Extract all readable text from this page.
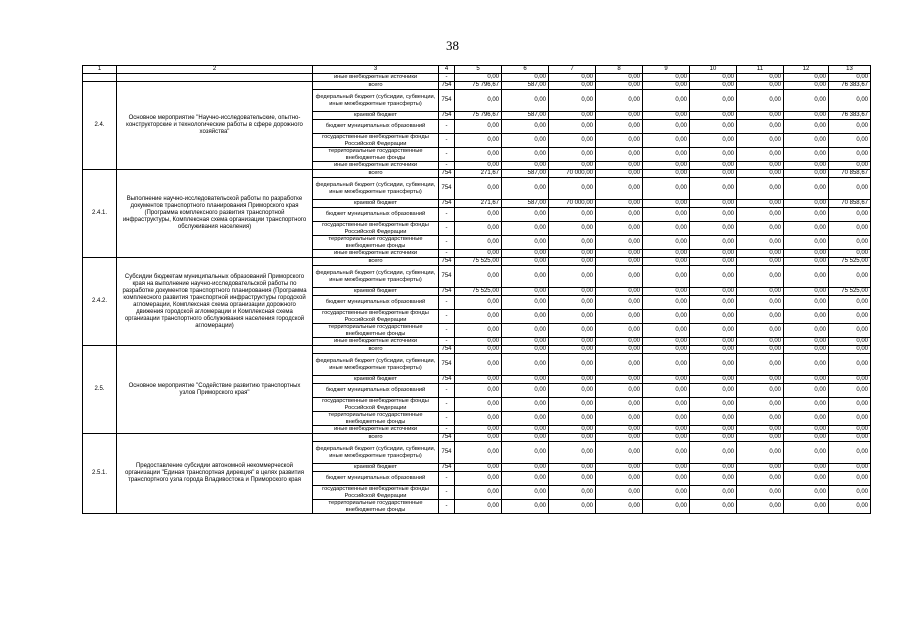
38
1	2	3	4	5	6	7	8	9	10	11	12	13
		иные внебюджетные источники	-	0,00	0,00	0,00	0,00	0,00	0,00	0,00	0,00	0,00
2.4.	Основное мероприятие "Научно-исследовательские, опытно-конструкторские и технологические работы в сфере дорожного хозяйства"	всего	754	75 796,67	587,00	0,00	0,00	0,00	0,00	0,00	0,00	76 383,67
		федеральный бюджет (субсидии, субвенции, иные межбюджетные трансферты)	754	0,00	0,00	0,00	0,00	0,00	0,00	0,00	0,00	0,00
		краевой бюджет	754	75 796,67	587,00	0,00	0,00	0,00	0,00	0,00	0,00	76 383,67
		бюджет муниципальных образований	-	0,00	0,00	0,00	0,00	0,00	0,00	0,00	0,00	0,00
		государственные внебюджетные фонды Российской Федерации	-	0,00	0,00	0,00	0,00	0,00	0,00	0,00	0,00	0,00
		территориальные государственные внебюджетные фонды	-	0,00	0,00	0,00	0,00	0,00	0,00	0,00	0,00	0,00
		иные внебюджетные источники	-	0,00	0,00	0,00	0,00	0,00	0,00	0,00	0,00	0,00
2.4.1.	Выполнение научно-исследовательской работы по разработке документов транспортного планирования Приморского края (Программа комплексного развития транспортной инфраструктуры, Комплексная схема организации транспортного обслуживания населения)	всего	754	271,67	587,00	70 000,00	0,00	0,00	0,00	0,00	0,00	70 858,67
		федеральный бюджет (субсидии, субвенции, иные межбюджетные трансферты)	754	0,00	0,00	0,00	0,00	0,00	0,00	0,00	0,00	0,00
		краевой бюджет	754	271,67	587,00	70 000,00	0,00	0,00	0,00	0,00	0,00	70 858,67
		бюджет муниципальных образований	-	0,00	0,00	0,00	0,00	0,00	0,00	0,00	0,00	0,00
		государственные внебюджетные фонды Российской Федерации	-	0,00	0,00	0,00	0,00	0,00	0,00	0,00	0,00	0,00
		территориальные государственные внебюджетные фонды	-	0,00	0,00	0,00	0,00	0,00	0,00	0,00	0,00	0,00
		иные внебюджетные источники	-	0,00	0,00	0,00	0,00	0,00	0,00	0,00	0,00	0,00
2.4.2.	Субсидии бюджетам муниципальных образований Приморского края на выполнение научно-исследовательской работы по разработке документов транспортного планирования (Программа комплексного развития транспортной инфраструктуры городской агломерации, Комплексная схема организации дорожного движения городской агломерации и Комплексная схема организации транспортного обслуживания населения городской агломерации)	всего	754	75 525,00	0,00	0,00	0,00	0,00	0,00	0,00	0,00	75 525,00
		федеральный бюджет (субсидии, субвенции, иные межбюджетные трансферты)	754	0,00	0,00	0,00	0,00	0,00	0,00	0,00	0,00	0,00
		краевой бюджет	754	75 525,00	0,00	0,00	0,00	0,00	0,00	0,00	0,00	75 525,00
		бюджет муниципальных образований	-	0,00	0,00	0,00	0,00	0,00	0,00	0,00	0,00	0,00
		государственные внебюджетные фонды Российской Федерации	-	0,00	0,00	0,00	0,00	0,00	0,00	0,00	0,00	0,00
		территориальные государственные внебюджетные фонды	-	0,00	0,00	0,00	0,00	0,00	0,00	0,00	0,00	0,00
		иные внебюджетные источники	-	0,00	0,00	0,00	0,00	0,00	0,00	0,00	0,00	0,00
2.5.	Основное мероприятие "Содействие развитию транспортных узлов Приморского края"	всего	754	0,00	0,00	0,00	0,00	0,00	0,00	0,00	0,00	0,00
		федеральный бюджет (субсидии, субвенции, иные межбюджетные трансферты)	754	0,00	0,00	0,00	0,00	0,00	0,00	0,00	0,00	0,00
		краевой бюджет	754	0,00	0,00	0,00	0,00	0,00	0,00	0,00	0,00	0,00
		бюджет муниципальных образований	-	0,00	0,00	0,00	0,00	0,00	0,00	0,00	0,00	0,00
		государственные внебюджетные фонды Российской Федерации	-	0,00	0,00	0,00	0,00	0,00	0,00	0,00	0,00	0,00
		территориальные государственные внебюджетные фонды	-	0,00	0,00	0,00	0,00	0,00	0,00	0,00	0,00	0,00
		иные внебюджетные источники	-	0,00	0,00	0,00	0,00	0,00	0,00	0,00	0,00	0,00
2.5.1.	Предоставление субсидии автономной некоммерческой организации "Единая транспортная дирекция" в целях развития транспортного узла города Владивостока и Приморского края	всего	754	0,00	0,00	0,00	0,00	0,00	0,00	0,00	0,00	0,00
		федеральный бюджет (субсидии, субвенции, иные межбюджетные трансферты)	754	0,00	0,00	0,00	0,00	0,00	0,00	0,00	0,00	0,00
		краевой бюджет	754	0,00	0,00	0,00	0,00	0,00	0,00	0,00	0,00	0,00
		бюджет муниципальных образований	-	0,00	0,00	0,00	0,00	0,00	0,00	0,00	0,00	0,00
		государственные внебюджетные фонды Российской Федерации	-	0,00	0,00	0,00	0,00	0,00	0,00	0,00	0,00	0,00
		территориальные государственные внебюджетные фонды	-	0,00	0,00	0,00	0,00	0,00	0,00	0,00	0,00	0,00
